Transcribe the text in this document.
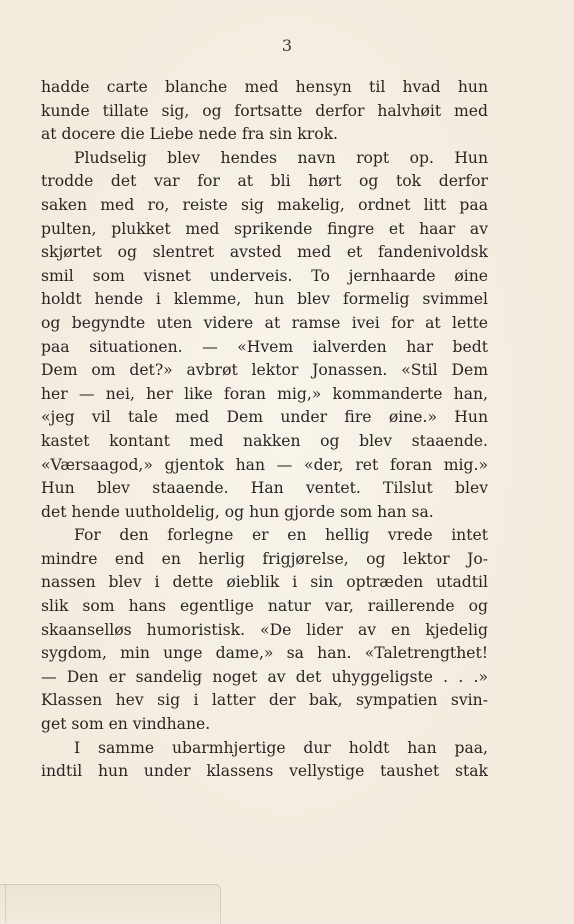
3
hadde carte blanche med hensyn til hvad hun
kunde tillate sig, og fortsatte derfor halvhøit med
at docere die Liebe nede fra sin krok.
Pludselig blev hendes navn ropt op. Hun
trodde det var for at bli hørt og tok derfor
saken med ro, reiste sig makelig, ordnet litt paa
pulten, plukket med sprikende fingre et haar av
skjørtet og slentret avsted med et fandenivoldsk
smil som visnet underveis. To jernhaarde øine
holdt hende i klemme, hun blev formelig svimmel
og begyndte uten videre at ramse ivei for at lette
paa situationen. — «Hvem ialverden har bedt
Dem om det?» avbrøt lektor Jonassen. «Stil Dem
her — nei, her like foran mig,» kommanderte han,
«jeg vil tale med Dem under fire øine.» Hun
kastet kontant med nakken og blev staaende.
«Værsaagod,» gjentok han — «der, ret foran mig.»
Hun blev staaende. Han ventet. Tilslut blev
det hende uutholdelig, og hun gjorde som han sa.
For den forlegne er en hellig vrede intet
mindre end en herlig frigjørelse, og lektor Jo-
nassen blev i dette øieblik i sin optræden utadtil
slik som hans egentlige natur var, raillerende og
skaanselløs humoristisk. «De lider av en kjedelig
sygdom, min unge dame,» sa han. «Taletrengthet!
— Den er sandelig noget av det uhyggeligste . . .»
Klassen hev sig i latter der bak, sympatien svin-
get som en vindhane.
I samme ubarmhjertige dur holdt han paa,
indtil hun under klassens vellystige taushet stak
